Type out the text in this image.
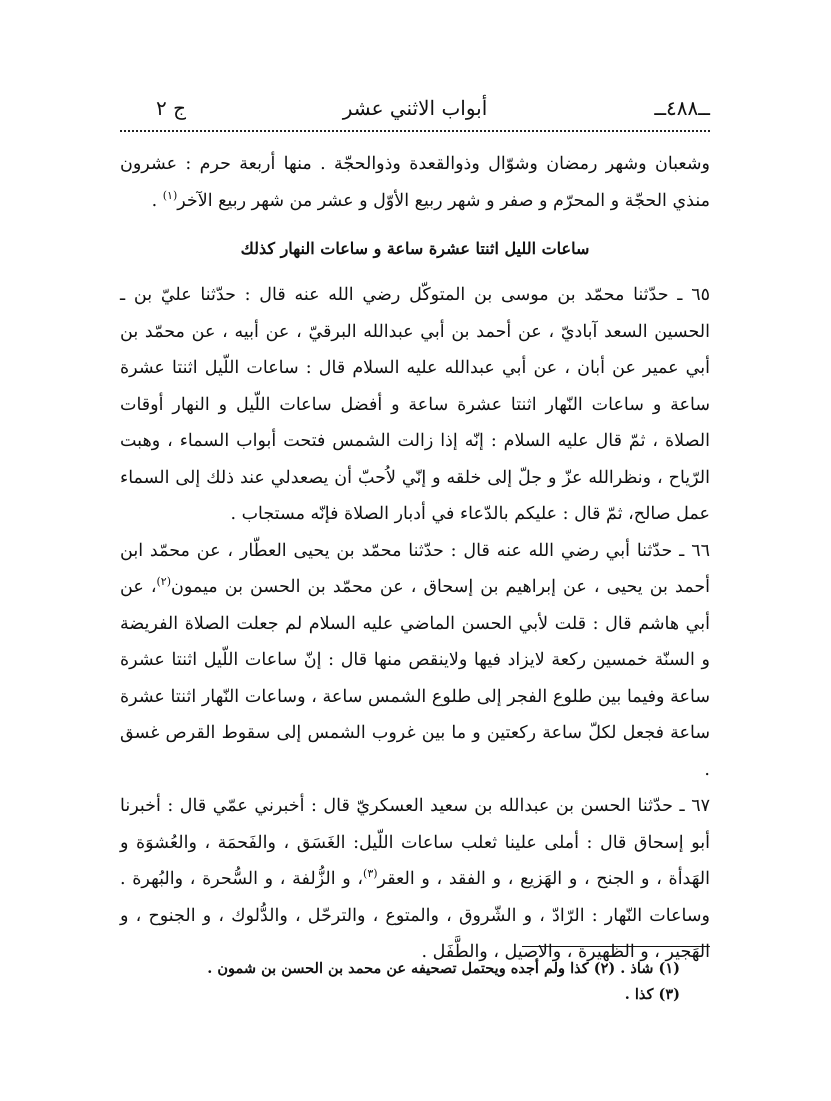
ــ٤٨٨ــ
أبواب الاثني عشر
ج ٢

وشعبان وشهر رمضان وشوّال وذوالقعدة وذوالحجّة . منها أربعة حرم : عشرون منذي الحجّة و المحرّم و صفر و شهر ربيع الأوّل و عشر من شهر ربيع الآخر$^{(١)}$ .

ساعات الليل اثنتا عشرة ساعة و ساعات النهار كذلك

٦٥ ـ حدّثنا محمّد بن موسى بن المتوكّل رضي الله عنه قال : حدّثنا عليّ بن ـ الحسين السعد آباديّ ، عن أحمد بن أبي عبدالله البرقيّ ، عن أبيه ، عن محمّد بن أبي عمير عن أبان ، عن أبي عبدالله عليه السلام قال : ساعات اللّيل اثنتا عشرة ساعة و ساعات النّهار اثنتا عشرة ساعة و أفضل ساعات اللّيل و النهار أوقات الصلاة ، ثمّ قال عليه السلام : إنّه إذا زالت الشمس فتحت أبواب السماء ، وهبت الرّياح ، ونظرالله عزّ و جلّ إلى خلقه و إنّي لاُحبّ أن يصعدلي عند ذلك إلى السماء عمل صالح، ثمّ قال : عليكم بالدّعاء في أدبار الصلاة فإنّه مستجاب .

٦٦ ـ حدّثنا أبي رضي الله عنه قال : حدّثنا محمّد بن يحيى العطّار ، عن محمّد ابن أحمد بن يحيى ، عن إبراهيم بن إسحاق ، عن محمّد بن الحسن بن ميمون$^{(٢)}$، عن أبي هاشم قال : قلت لأبي الحسن الماضي عليه السلام لم جعلت الصلاة الفريضة و السنّة خمسين ركعة لايزاد فيها ولاينقص منها قال : إنّ ساعات اللّيل اثنتا عشرة ساعة وفيما بين طلوع الفجر إلى طلوع الشمس ساعة ، وساعات النّهار اثنتا عشرة ساعة فجعل لكلّ ساعة ركعتين و ما بين غروب الشمس إلى سقوط القرص غسق .

٦٧ ـ حدّثنا الحسن بن عبدالله بن سعيد العسكريّ قال : أخبرني عمّي قال : أخبرنا أبو إسحاق قال : أملى علينا ثعلب ساعات اللّيل: الغَسَق ، والفَحمَة ، والعُشوَة و الهَدأة ، و الجنح ، و الهَزيع ، و الفقد ، و العقر$^{(٣)}$، و الزُّلفة ، و السُّحرة ، والبُهرة . وساعات النّهار : الرّادّ ، و الشّروق ، والمتوع ، والترحّل ، والدُّلوك ، و الجنوح ، و الهَجير ، و الظهيرة ، والاصيل ، والطَّفَل .

(١) شاذ . (٢) كذا ولم أجده ويحتمل تصحيفه عن محمد بن الحسن بن شمون .

(٣) كذا .
